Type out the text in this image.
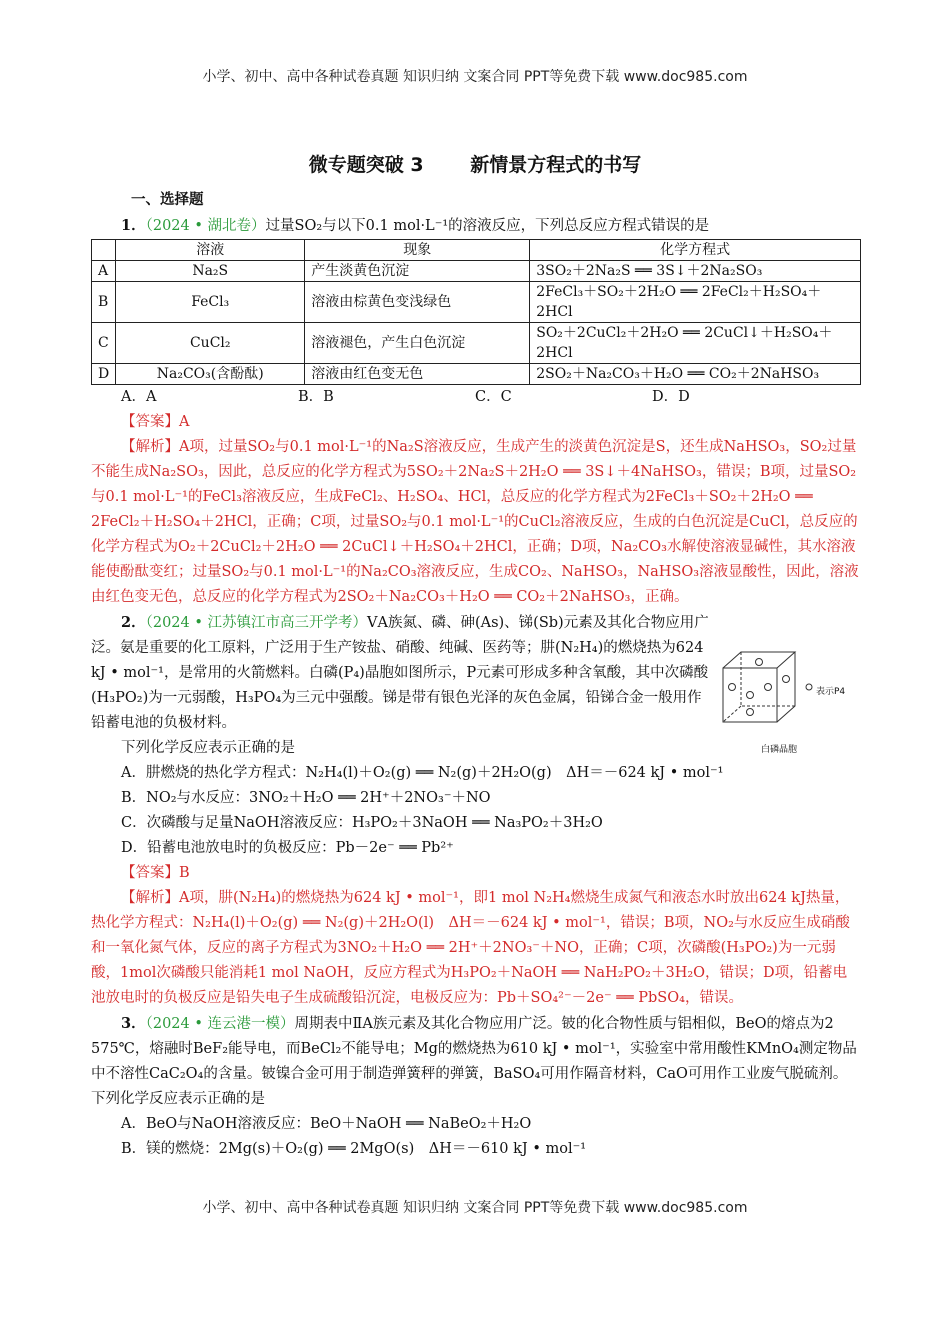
小学、初中、高中各种试卷真题 知识归纳 文案合同 PPT等免费下载 www.doc985.com
微专题突破 3 新情景方程式的书写

一、选择题

1．（2024 • 湖北卷）过量SO₂与以下0.1 mol·L⁻¹的溶液反应，下列总反应方程式错误的是

	溶液	现象	化学方程式
A	Na₂S	产生淡黄色沉淀	3SO₂＋2Na₂S ══ 3S↓＋2Na₂SO₃
B	FeCl₃	溶液由棕黄色变浅绿色	2FeCl₃＋SO₂＋2H₂O ══ 2FeCl₂＋H₂SO₄＋2HCl
C	CuCl₂	溶液褪色，产生白色沉淀	SO₂＋2CuCl₂＋2H₂O ══ 2CuCl↓＋H₂SO₄＋2HCl
D	Na₂CO₃(含酚酞)	溶液由红色变无色	2SO₂＋Na₂CO₃＋H₂O ══ CO₂＋2NaHSO₃
A．A	B．B	C．C	D．D

【答案】A

【解析】A项，过量SO₂与0.1 mol·L⁻¹的Na₂S溶液反应，生成产生的淡黄色沉淀是S，还生成NaHSO₃，SO₂过量不能生成Na₂SO₃，因此，总反应的化学方程式为5SO₂＋2Na₂S＋2H₂O ══ 3S↓＋4NaHSO₃，错误；B项，过量SO₂与0.1 mol·L⁻¹的FeCl₃溶液反应，生成FeCl₂、H₂SO₄、HCl，总反应的化学方程式为2FeCl₃＋SO₂＋2H₂O ══ 2FeCl₂＋H₂SO₄＋2HCl，正确；C项，过量SO₂与0.1 mol·L⁻¹的CuCl₂溶液反应，生成的白色沉淀是CuCl，总反应的化学方程式为O₂＋2CuCl₂＋2H₂O ══ 2CuCl↓＋H₂SO₄＋2HCl，正确；D项，Na₂CO₃水解使溶液显碱性，其水溶液能使酚酞变红；过量SO₂与0.1 mol·L⁻¹的Na₂CO₃溶液反应，生成CO₂、NaHSO₃，NaHSO₃溶液显酸性，因此，溶液由红色变无色，总反应的化学方程式为2SO₂＋Na₂CO₃＋H₂O ══ CO₂＋2NaHSO₃，正确。

2．（2024 • 江苏镇江市高三开学考）ⅤA族氮、磷、砷(As)、锑(Sb)元素及其化合物应用广泛。氨是重要的化工原料，广泛用于生产铵盐、硝酸、纯碱、医药等；肼(N₂H₄)的燃烧热为624 kJ • mol⁻¹，是常用的火箭燃料。白磷(P₄)晶胞如图所示，P元素可形成多种含氧酸，其中次磷酸(H₃PO₂)为一元弱酸，H₃PO₄为三元中强酸。锑是带有银色光泽的灰色金属，铅锑合金一般用作铅蓄电池的负极材料。

表示P4
白磷晶胞

下列化学反应表示正确的是

A．肼燃烧的热化学方程式：N₂H₄(l)＋O₂(g) ══ N₂(g)＋2H₂O(g)　ΔH＝－624 kJ • mol⁻¹

B．NO₂与水反应：3NO₂＋H₂O ══ 2H⁺＋2NO₃⁻＋NO

C．次磷酸与足量NaOH溶液反应：H₃PO₂＋3NaOH ══ Na₃PO₂＋3H₂O

D．铅蓄电池放电时的负极反应：Pb－2e⁻ ══ Pb²⁺

【答案】B

【解析】A项，肼(N₂H₄)的燃烧热为624 kJ • mol⁻¹，即1 mol N₂H₄燃烧生成氮气和液态水时放出624 kJ热量，热化学方程式：N₂H₄(l)＋O₂(g) ══ N₂(g)＋2H₂O(l)　ΔH＝－624 kJ • mol⁻¹，错误；B项，NO₂与水反应生成硝酸和一氧化氮气体，反应的离子方程式为3NO₂＋H₂O ══ 2H⁺＋2NO₃⁻＋NO，正确；C项，次磷酸(H₃PO₂)为一元弱酸，1mol次磷酸只能消耗1 mol NaOH，反应方程式为H₃PO₂＋NaOH ══ NaH₂PO₂＋3H₂O，错误；D项，铅蓄电池放电时的负极反应是铅失电子生成硫酸铅沉淀，电极反应为：Pb＋SO₄²⁻－2e⁻ ══ PbSO₄，错误。

3．（2024 • 连云港一模）周期表中ⅡA族元素及其化合物应用广泛。铍的化合物性质与铝相似，BeO的熔点为2 575℃，熔融时BeF₂能导电，而BeCl₂不能导电；Mg的燃烧热为610 kJ • mol⁻¹，实验室中常用酸性KMnO₄测定物品中不溶性CaC₂O₄的含量。铍镍合金可用于制造弹簧秤的弹簧，BaSO₄可用作隔音材料，CaO可用作工业废气脱硫剂。下列化学反应表示正确的是

A．BeO与NaOH溶液反应：BeO＋NaOH ══ NaBeO₂＋H₂O

B．镁的燃烧：2Mg(s)＋O₂(g) ══ 2MgO(s)　ΔH＝－610 kJ • mol⁻¹

小学、初中、高中各种试卷真题 知识归纳 文案合同 PPT等免费下载 www.doc985.com
